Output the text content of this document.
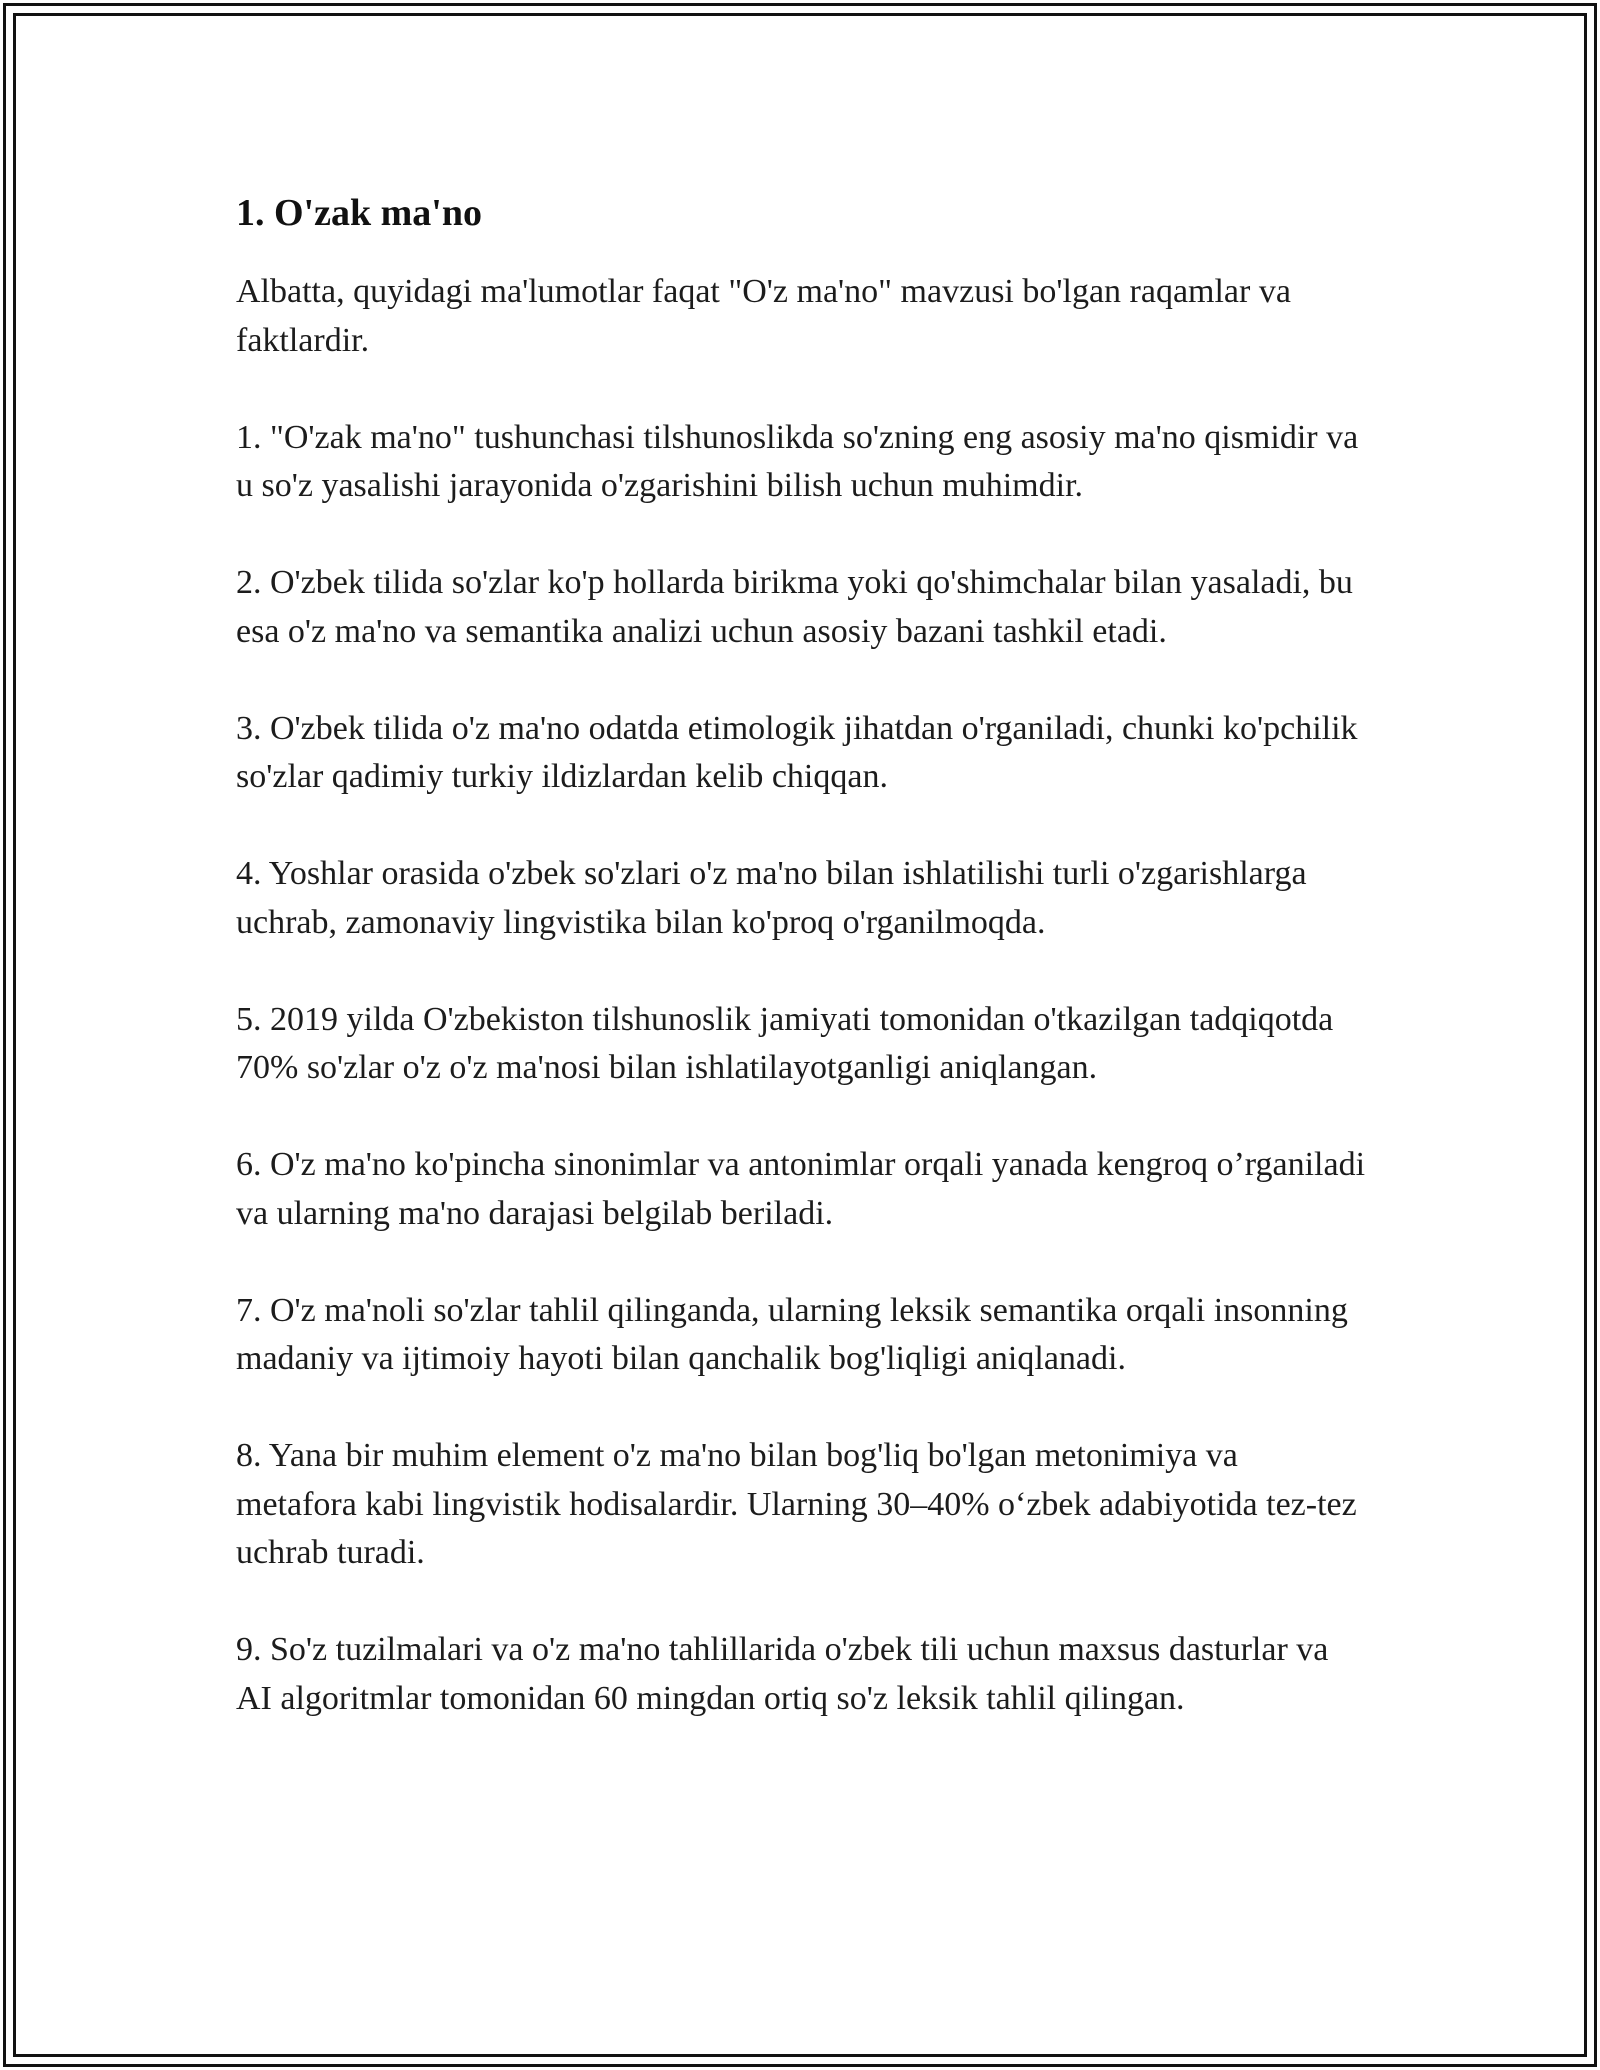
1. O'zak ma'no

Albatta, quyidagi ma'lumotlar faqat "O'z ma'no" mavzusi bo'lgan raqamlar va faktlardir.

1. "O'zak ma'no" tushunchasi tilshunoslikda so'zning eng asosiy ma'no qismidir va u so'z yasalishi jarayonida o'zgarishini bilish uchun muhimdir.

2. O'zbek tilida so'zlar ko'p hollarda birikma yoki qo'shimchalar bilan yasaladi, bu esa o'z ma'no va semantika analizi uchun asosiy bazani tashkil etadi.

3. O'zbek tilida o'z ma'no odatda etimologik jihatdan o'rganiladi, chunki ko'pchilik so'zlar qadimiy turkiy ildizlardan kelib chiqqan.

4. Yoshlar orasida o'zbek so'zlari o'z ma'no bilan ishlatilishi turli o'zgarishlarga uchrab, zamonaviy lingvistika bilan ko'proq o'rganilmoqda.

5. 2019 yilda O'zbekiston tilshunoslik jamiyati tomonidan o'tkazilgan tadqiqotda 70% so'zlar o'z o'z ma'nosi bilan ishlatilayotganligi aniqlangan.

6. O'z ma'no ko'pincha sinonimlar va antonimlar orqali yanada kengroq o’rganiladi va ularning ma'no darajasi belgilab beriladi.

7. O'z ma'noli so'zlar tahlil qilinganda, ularning leksik semantika orqali insonning madaniy va ijtimoiy hayoti bilan qanchalik bog'liqligi aniqlanadi.

8. Yana bir muhim element o'z ma'no bilan bog'liq bo'lgan metonimiya va metafora kabi lingvistik hodisalardir. Ularning 30–40% o‘zbek adabiyotida tez-tez uchrab turadi.

9. So'z tuzilmalari va o'z ma'no tahlillarida o'zbek tili uchun maxsus dasturlar va AI algoritmlar tomonidan 60 mingdan ortiq so'z leksik tahlil qilingan.
